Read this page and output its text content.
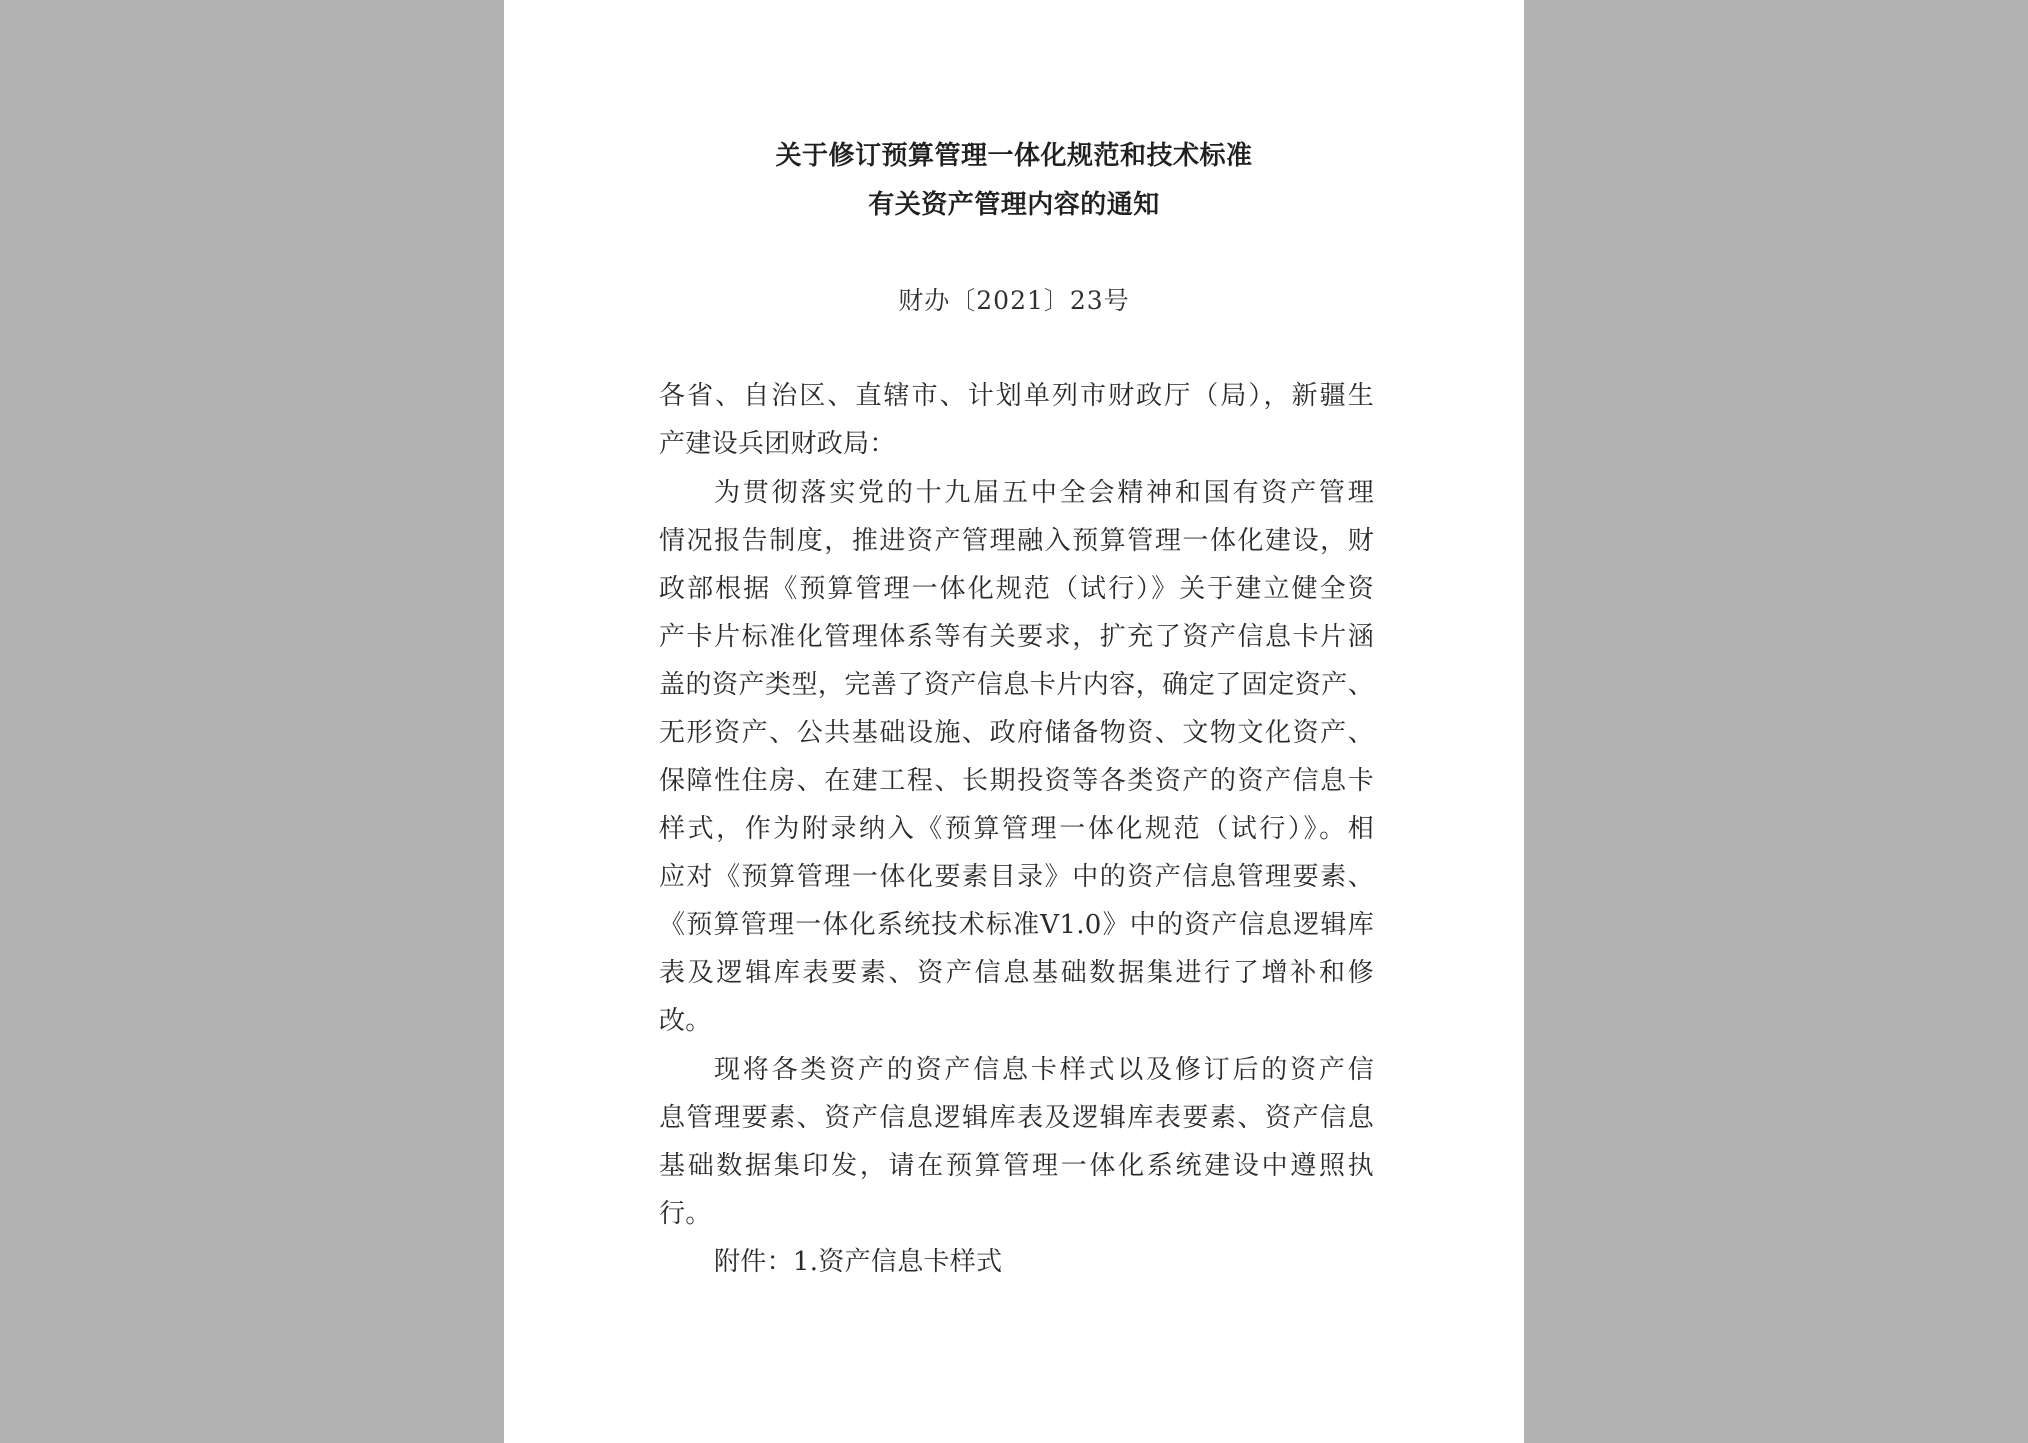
关于修订预算管理一体化规范和技术标准
有关资产管理内容的通知
财办〔2021〕23号
各省、自治区、直辖市、计划单列市财政厅（局），新疆生
产建设兵团财政局：
为贯彻落实党的十九届五中全会精神和国有资产管理
情况报告制度，推进资产管理融入预算管理一体化建设，财
政部根据《预算管理一体化规范（试行）》关于建立健全资
产卡片标准化管理体系等有关要求，扩充了资产信息卡片涵
盖的资产类型，完善了资产信息卡片内容，确定了固定资产、
无形资产、公共基础设施、政府储备物资、文物文化资产、
保障性住房、在建工程、长期投资等各类资产的资产信息卡
样式，作为附录纳入《预算管理一体化规范（试行）》。相
应对《预算管理一体化要素目录》中的资产信息管理要素、
《预算管理一体化系统技术标准V1.0》中的资产信息逻辑库
表及逻辑库表要素、资产信息基础数据集进行了增补和修
改。
现将各类资产的资产信息卡样式以及修订后的资产信
息管理要素、资产信息逻辑库表及逻辑库表要素、资产信息
基础数据集印发，请在预算管理一体化系统建设中遵照执
行。
附件：1.资产信息卡样式
